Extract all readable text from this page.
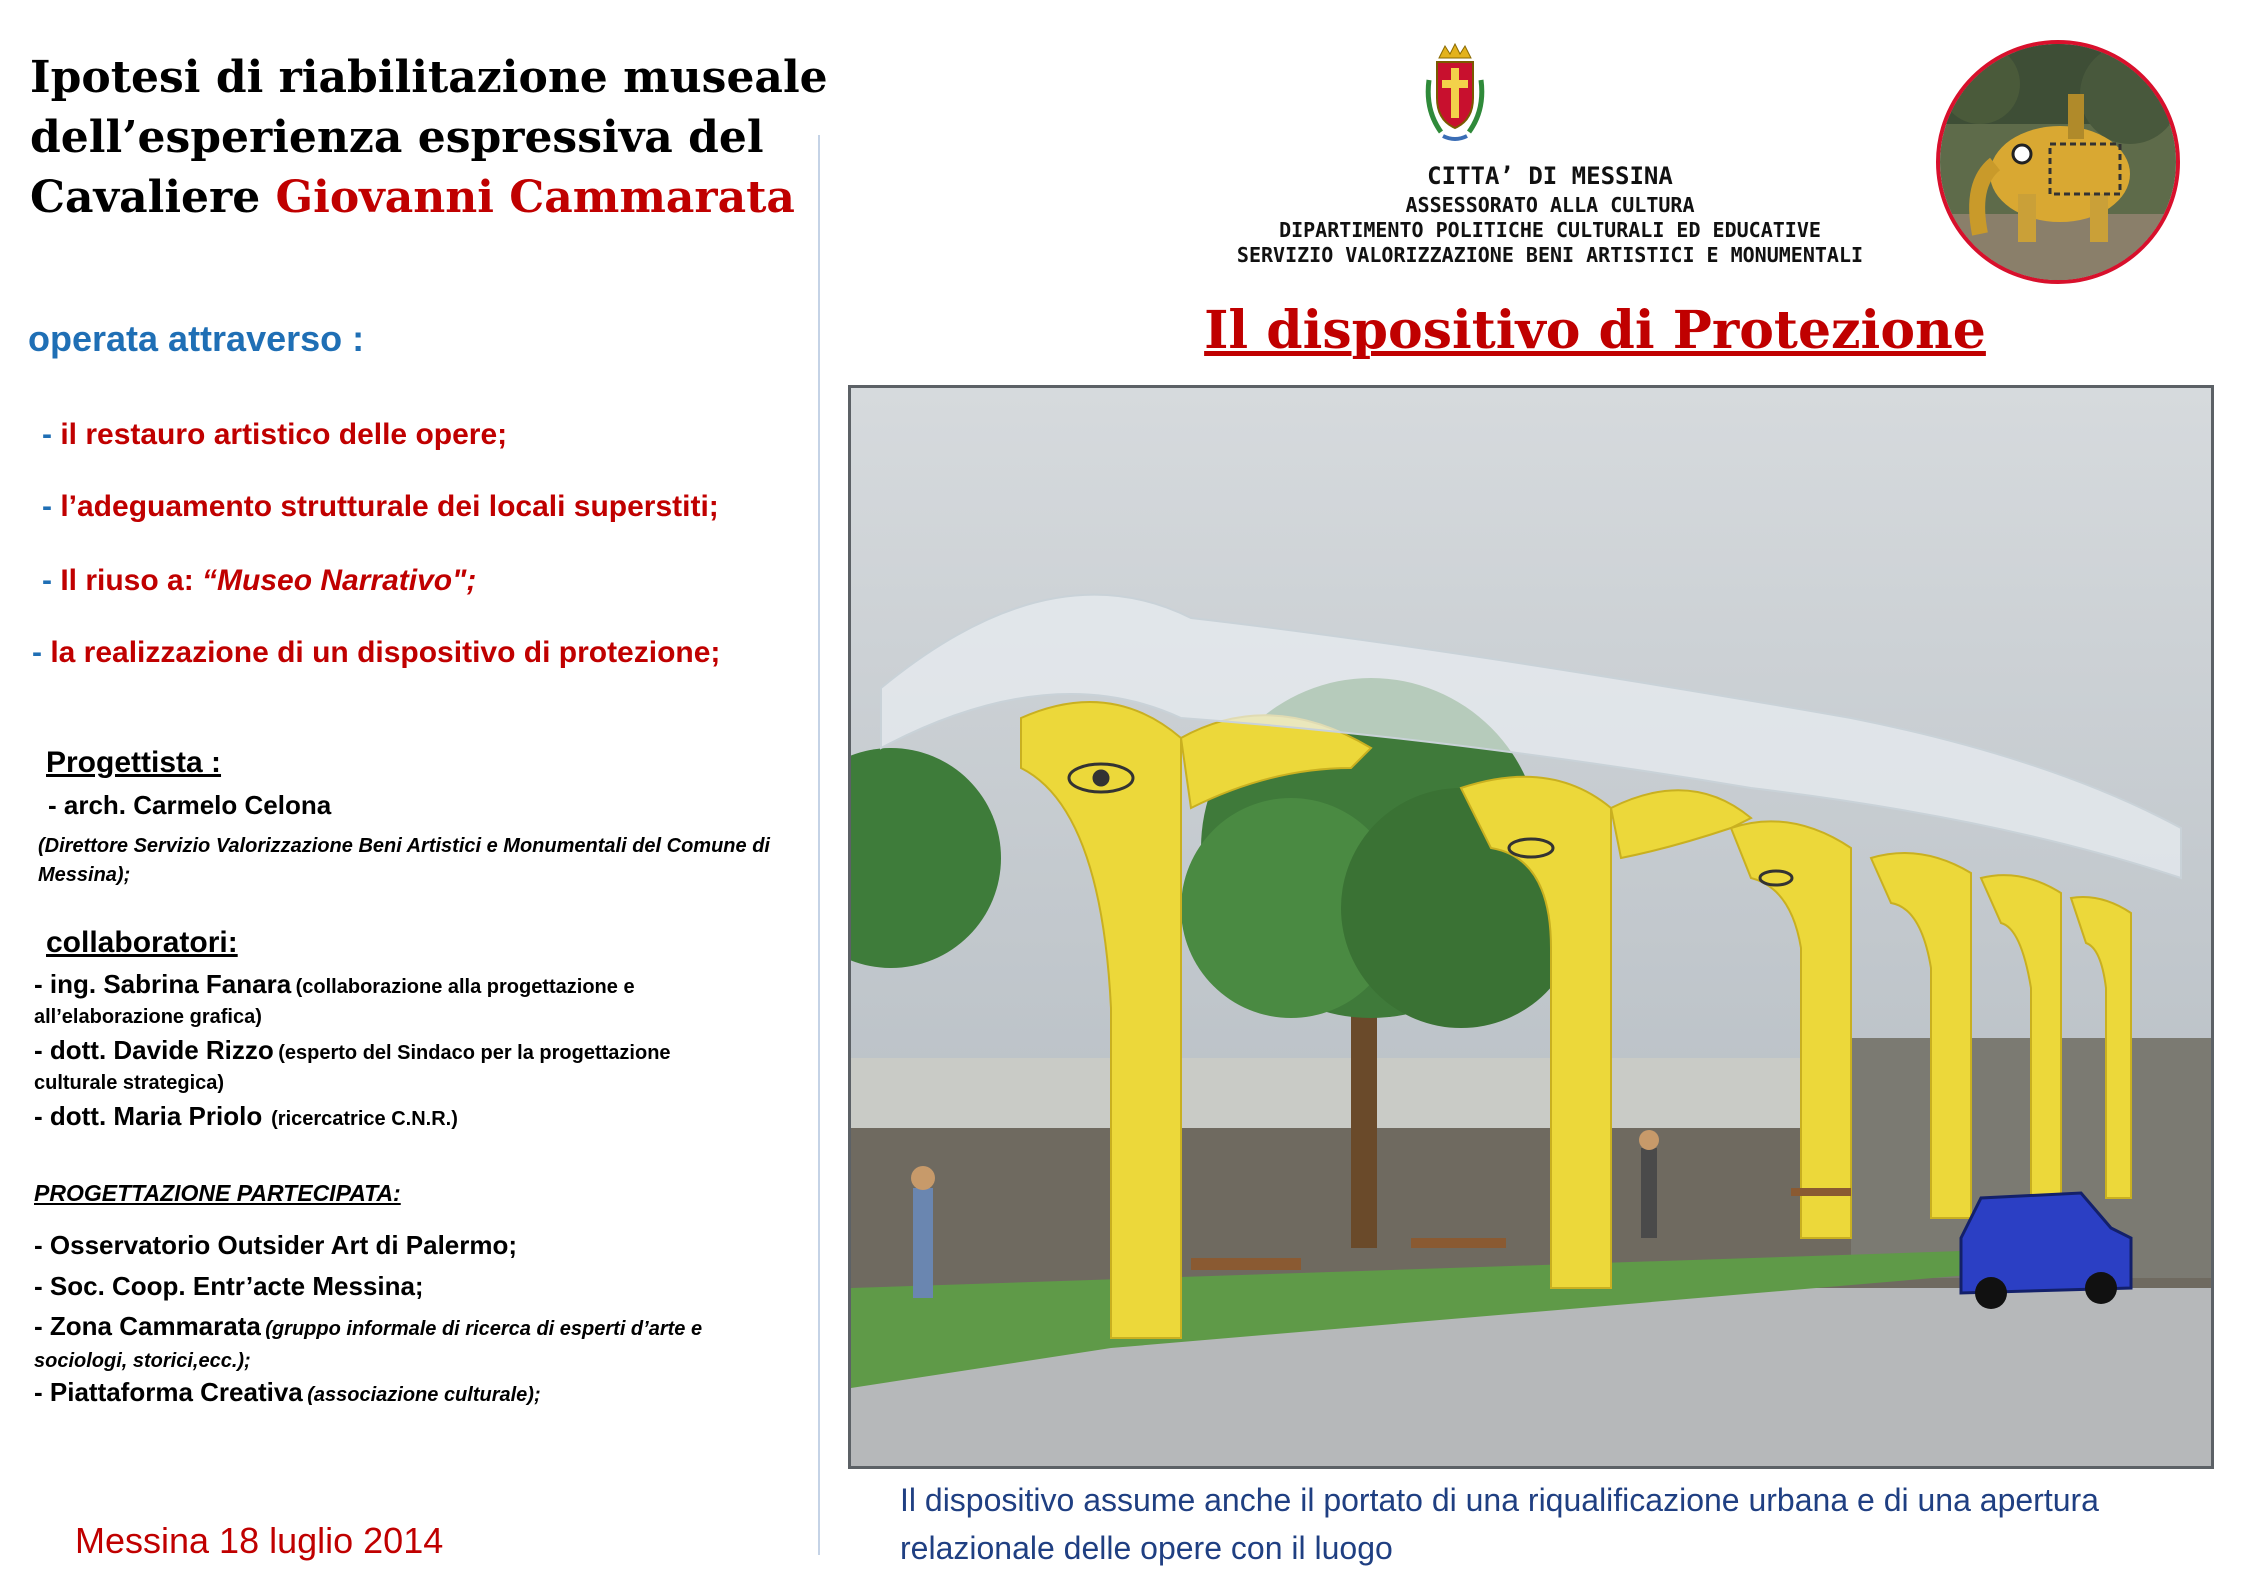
Ipotesi di riabilitazione museale
dell’esperienza espressiva del
Cavaliere Giovanni Cammarata
operata attraverso :
- il restauro artistico delle opere;
- l’adeguamento strutturale dei locali superstiti;
- Il riuso a: “Museo Narrativo";
- la realizzazione di un dispositivo di protezione;
Progettista :
- arch. Carmelo Celona
(Direttore Servizio Valorizzazione Beni Artistici e Monumentali del Comune di Messina);
collaboratori:
- ing. Sabrina Fanara (collaborazione alla progettazione e all’elaborazione grafica)
- dott. Davide Rizzo (esperto del Sindaco per la progettazione culturale strategica)
- dott. Maria Priolo (ricercatrice C.N.R.)
PROGETTAZIONE PARTECIPATA:
- Osservatorio Outsider Art di Palermo;
- Soc. Coop. Entr’acte Messina;
- Zona Cammarata (gruppo informale di ricerca di esperti d’arte e sociologi, storici,ecc.);
- Piattaforma Creativa (associazione culturale);
Messina 18 luglio 2014
CITTA’ DI MESSINA
ASSESSORATO ALLA CULTURA
DIPARTIMENTO POLITICHE CULTURALI ED EDUCATIVE
SERVIZIO VALORIZZAZIONE BENI ARTISTICI E MONUMENTALI
Il dispositivo di Protezione
Il dispositivo assume anche il portato di una riqualificazione urbana e di una apertura relazionale delle opere con il luogo
